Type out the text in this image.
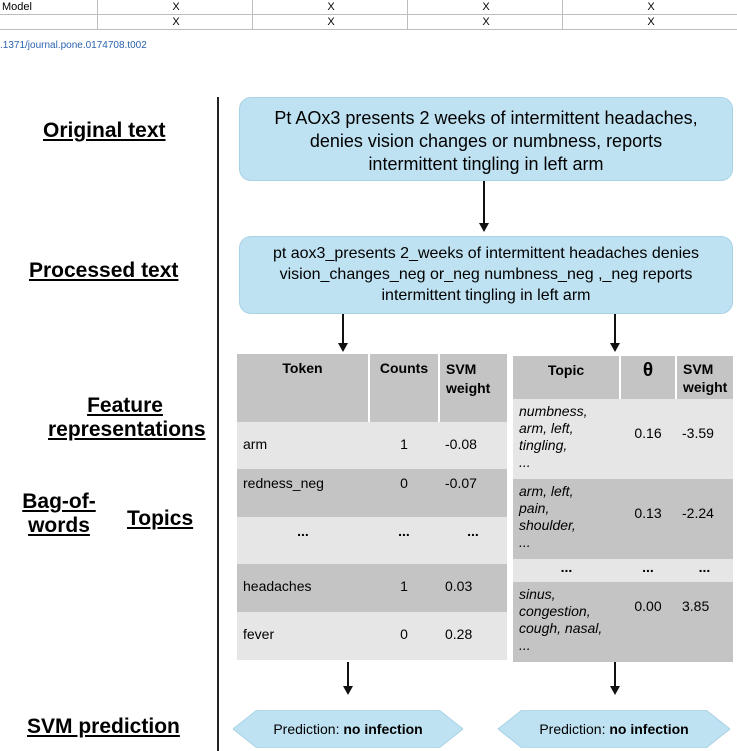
Model	X	X	X	X
	X	X	X	X
.1371/journal.pone.0174708.t002
Original text
Processed text
Feature
representations
Bag-of-
words	Topics
SVM prediction
Pt AOx3 presents 2 weeks of intermittent headaches,
denies vision changes or numbness, reports
intermittent tingling in left arm
pt aox3_presents 2_weeks of intermittent headaches denies
vision_changes_neg or_neg numbness_neg ,_neg reports
intermittent tingling in left arm
Token	Counts	SVM
weight
arm	1	-0.08
redness_neg	0	-0.07
...	...	...
headaches	1	0.03
fever	0	0.28
Topic	θ	SVM
weight
numbness,
arm, left,
tingling,
...	0.16	-3.59
arm, left,
pain,
shoulder,
...	0.13	-2.24
...	...	...
sinus,
congestion,
cough, nasal,
...	0.00	3.85
Prediction: no infection	Prediction: no infection
